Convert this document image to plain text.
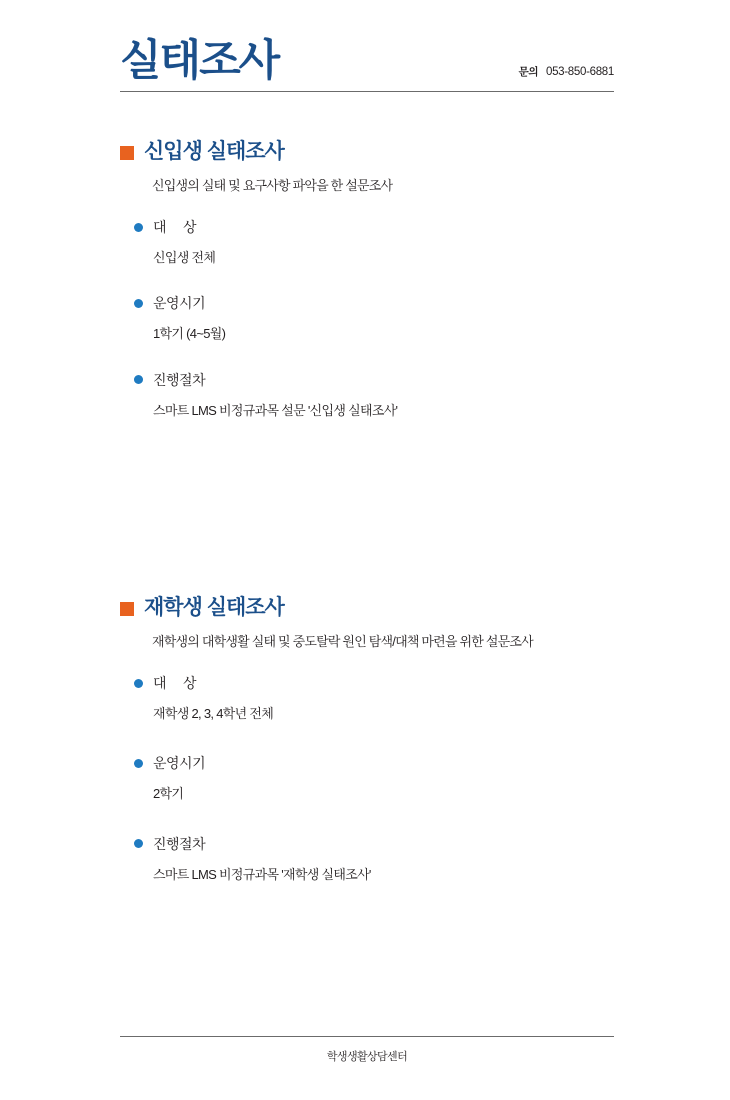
실태조사	문의 053-850-6881
신입생 실태조사
신입생의 실태 및 요구사항 파악을 한 설문조사
대     상
신입생 전체
운영시기
1학기 (4~5월)
진행절차
스마트 LMS 비정규과목 설문 '신입생 실태조사'
재학생 실태조사
재학생의 대학생활 실태 및 중도탈락 원인 탐색/대책 마련을 위한 설문조사
대     상
재학생 2, 3, 4학년 전체
운영시기
2학기
진행절차
스마트 LMS 비정규과목 '재학생 실태조사'
학생생활상담센터
